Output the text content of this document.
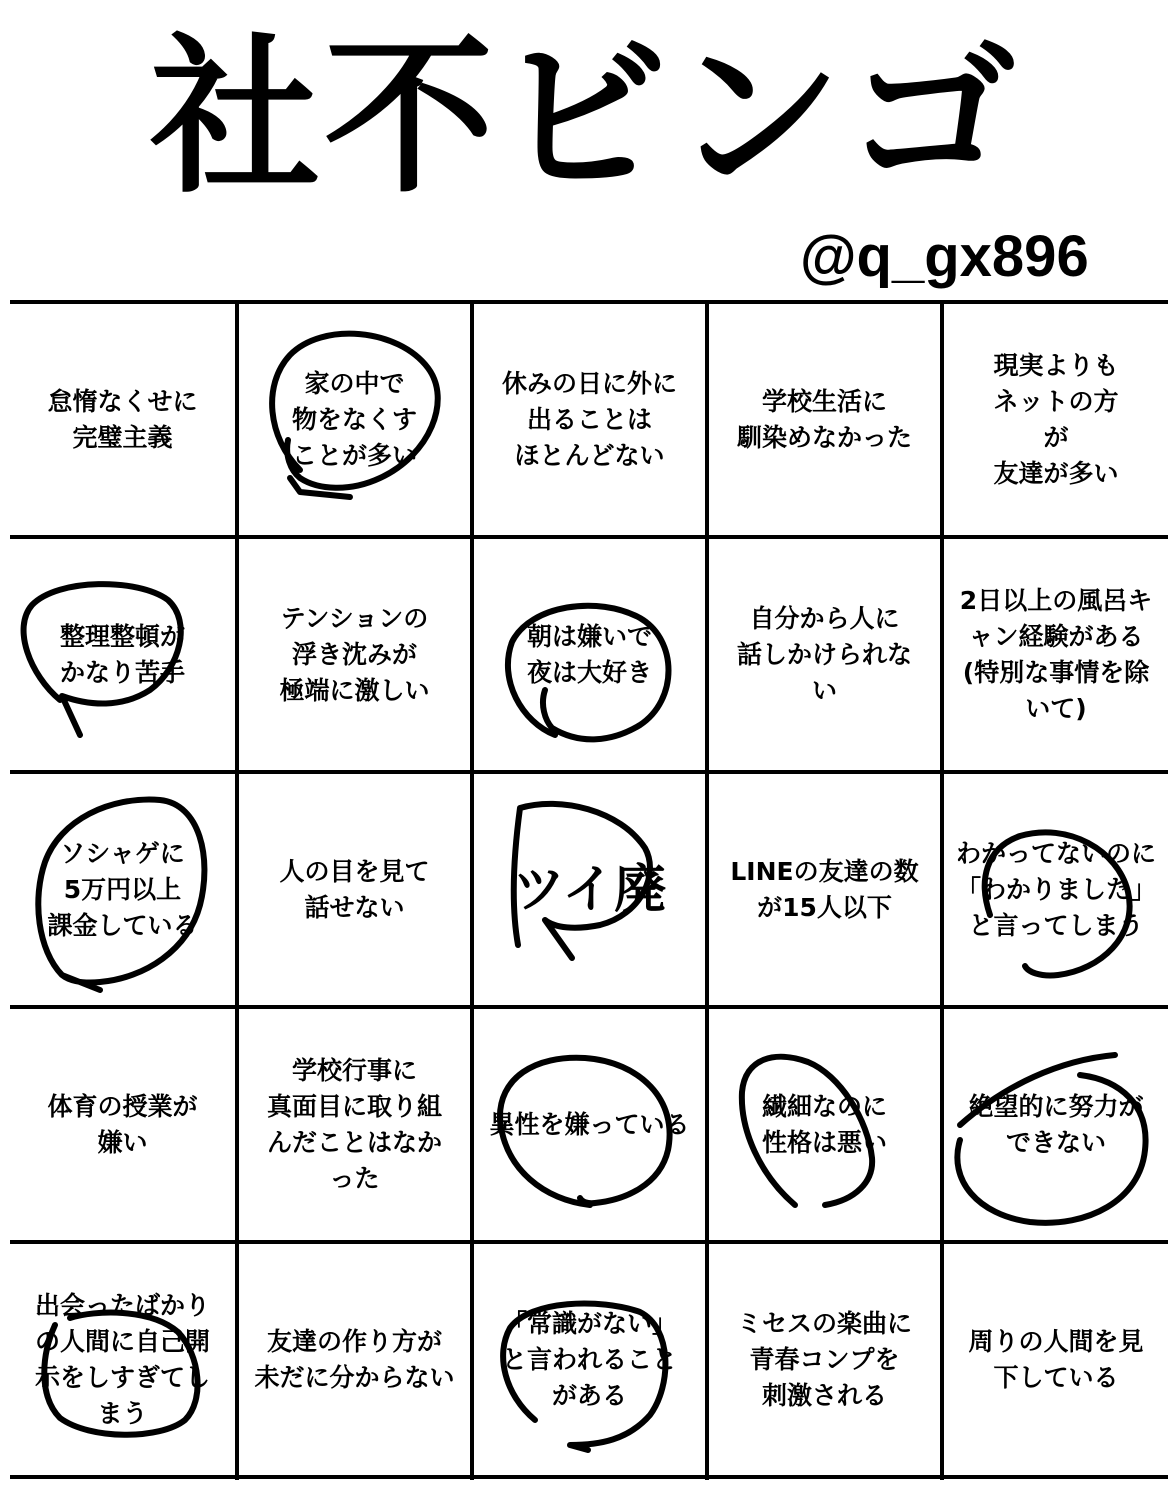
社不ビンゴ
@q_gx896
怠惰なくせに
完璧主義
家の中で
物をなくす
ことが多い
休みの日に外に
出ることは
ほとんどない
学校生活に
馴染めなかった
現実よりも
ネットの方
が
友達が多い
整理整頓が
かなり苦手
テンションの
浮き沈みが
極端に激しい
朝は嫌いで
夜は大好き
自分から人に
話しかけられな
い
2日以上の風呂キ
ャン経験がある
(特別な事情を除
いて)
ソシャゲに
5万円以上
課金している
人の目を見て
話せない	ツイ廃	LINEの友達の数
が15人以下
わかってないのに
「わかりました」
と言ってしまう
体育の授業が
嫌い
学校行事に
真面目に取り組
んだことはなか
った
異性を嫌っている
繊細なのに
性格は悪い
絶望的に努力が
できない
出会ったばかり
の人間に自己開
示をしすぎてし
まう
友達の作り方が
未だに分からない
「常識がない」
と言われること
がある
ミセスの楽曲に
青春コンプを
刺激される
周りの人間を見
下している
